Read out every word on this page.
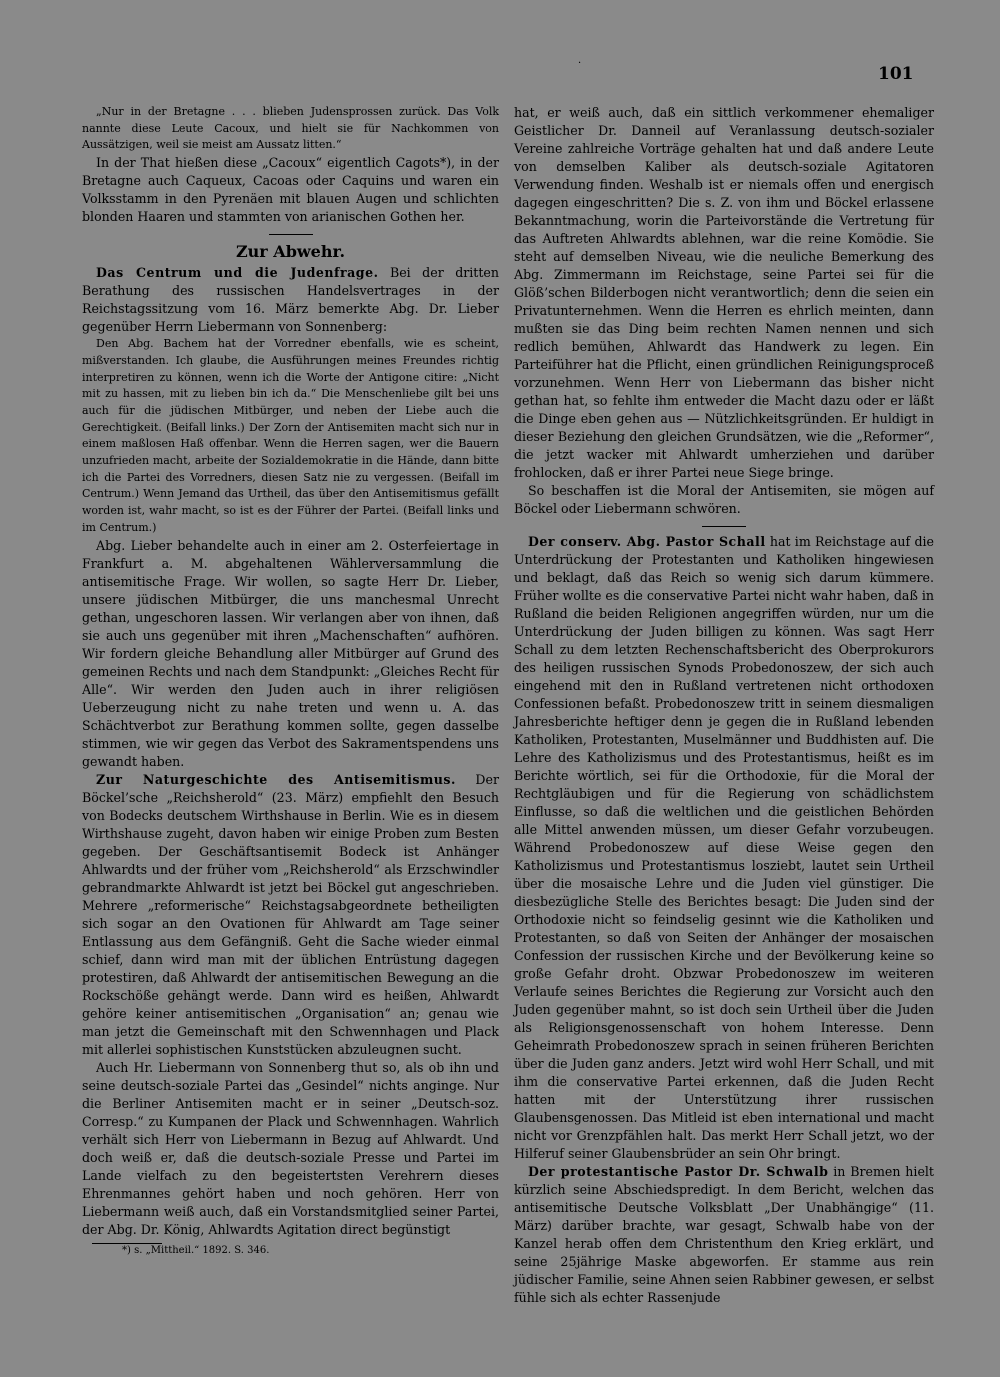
·
101

„Nur in der Bretagne . . . blieben Judensprossen zurück. Das Volk nannte diese Leute Cacoux, und hielt sie für Nachkommen von Aussätzigen, weil sie meist am Aussatz litten.“

In der That hießen diese „Cacoux“ eigentlich Cagots*), in der Bretagne auch Caqueux, Cacoas oder Caquins und waren ein Volksstamm in den Pyrenäen mit blauen Augen und schlichten blonden Haaren und stammten von arianischen Gothen her.

Zur Abwehr.

Das Centrum und die Judenfrage. Bei der dritten Berathung des russischen Handelsvertrages in der Reichstagssitzung vom 16. März bemerkte Abg. Dr. Lieber gegenüber Herrn Liebermann von Sonnenberg:

Den Abg. Bachem hat der Vorredner ebenfalls, wie es scheint, mißverstanden. Ich glaube, die Ausführungen meines Freundes richtig interpretiren zu können, wenn ich die Worte der Antigone citire: „Nicht mit zu hassen, mit zu lieben bin ich da.“ Die Menschenliebe gilt bei uns auch für die jüdischen Mitbürger, und neben der Liebe auch die Gerechtigkeit. (Beifall links.) Der Zorn der Antisemiten macht sich nur in einem maßlosen Haß offenbar. Wenn die Herren sagen, wer die Bauern unzufrieden macht, arbeite der Sozialdemokratie in die Hände, dann bitte ich die Partei des Vorredners, diesen Satz nie zu vergessen. (Beifall im Centrum.) Wenn Jemand das Urtheil, das über den Antisemitismus gefällt worden ist, wahr macht, so ist es der Führer der Partei. (Beifall links und im Centrum.)

Abg. Lieber behandelte auch in einer am 2. Osterfeiertage in Frankfurt a. M. abgehaltenen Wählerversammlung die antisemitische Frage. Wir wollen, so sagte Herr Dr. Lieber, unsere jüdischen Mitbürger, die uns manchesmal Unrecht gethan, ungeschoren lassen. Wir verlangen aber von ihnen, daß sie auch uns gegenüber mit ihren „Machenschaften“ aufhören. Wir fordern gleiche Behandlung aller Mitbürger auf Grund des gemeinen Rechts und nach dem Standpunkt: „Gleiches Recht für Alle“. Wir werden den Juden auch in ihrer religiösen Ueberzeugung nicht zu nahe treten und wenn u. A. das Schächtverbot zur Berathung kommen sollte, gegen dasselbe stimmen, wie wir gegen das Verbot des Sakramentspendens uns gewandt haben.

Zur Naturgeschichte des Antisemitismus. Der Böckel’sche „Reichsherold“ (23. März) empfiehlt den Besuch von Bodecks deutschem Wirthshause in Berlin. Wie es in diesem Wirthshause zugeht, davon haben wir einige Proben zum Besten gegeben. Der Geschäftsantisemit Bodeck ist Anhänger Ahlwardts und der früher vom „Reichsherold“ als Erzschwindler gebrandmarkte Ahlwardt ist jetzt bei Böckel gut angeschrieben. Mehrere „reformerische“ Reichstagsabgeordnete betheiligten sich sogar an den Ovationen für Ahlwardt am Tage seiner Entlassung aus dem Gefängniß. Geht die Sache wieder einmal schief, dann wird man mit der üblichen Entrüstung dagegen protestiren, daß Ahlwardt der antisemitischen Bewegung an die Rockschöße gehängt werde. Dann wird es heißen, Ahlwardt gehöre keiner antisemitischen „Organisation“ an; genau wie man jetzt die Gemeinschaft mit den Schwennhagen und Plack mit allerlei sophistischen Kunststücken abzuleugnen sucht.

Auch Hr. Liebermann von Sonnenberg thut so, als ob ihn und seine deutsch-soziale Partei das „Gesindel“ nichts anginge. Nur die Berliner Antisemiten macht er in seiner „Deutsch-soz. Corresp.“ zu Kumpanen der Plack und Schwennhagen. Wahrlich verhält sich Herr von Liebermann in Bezug auf Ahlwardt. Und doch weiß er, daß die deutsch-soziale Presse und Partei im Lande vielfach zu den begeistertsten Verehrern dieses Ehrenmannes gehört haben und noch gehören. Herr von Liebermann weiß auch, daß ein Vorstandsmitglied seiner Partei, der Abg. Dr. König, Ahlwardts Agitation direct begünstigt

*) s. „Mittheil.“ 1892. S. 346.

hat, er weiß auch, daß ein sittlich verkommener ehemaliger Geistlicher Dr. Danneil auf Veranlassung deutsch-sozialer Vereine zahlreiche Vorträge gehalten hat und daß andere Leute von demselben Kaliber als deutsch-soziale Agitatoren Verwendung finden. Weshalb ist er niemals offen und energisch dagegen eingeschritten? Die s. Z. von ihm und Böckel erlassene Bekanntmachung, worin die Parteivorstände die Vertretung für das Auftreten Ahlwardts ablehnen, war die reine Komödie. Sie steht auf demselben Niveau, wie die neuliche Bemerkung des Abg. Zimmermann im Reichstage, seine Partei sei für die Glöß’schen Bilderbogen nicht verantwortlich; denn die seien ein Privatunternehmen. Wenn die Herren es ehrlich meinten, dann mußten sie das Ding beim rechten Namen nennen und sich redlich bemühen, Ahlwardt das Handwerk zu legen. Ein Parteiführer hat die Pflicht, einen gründlichen Reinigungsproceß vorzunehmen. Wenn Herr von Liebermann das bisher nicht gethan hat, so fehlte ihm entweder die Macht dazu oder er läßt die Dinge eben gehen aus — Nützlichkeitsgründen. Er huldigt in dieser Beziehung den gleichen Grundsätzen, wie die „Reformer“, die jetzt wacker mit Ahlwardt umherziehen und darüber frohlocken, daß er ihrer Partei neue Siege bringe.

So beschaffen ist die Moral der Antisemiten, sie mögen auf Böckel oder Liebermann schwören.

Der conserv. Abg. Pastor Schall hat im Reichstage auf die Unterdrückung der Protestanten und Katholiken hingewiesen und beklagt, daß das Reich so wenig sich darum kümmere. Früher wollte es die conservative Partei nicht wahr haben, daß in Rußland die beiden Religionen angegriffen würden, nur um die Unterdrückung der Juden billigen zu können. Was sagt Herr Schall zu dem letzten Rechenschaftsbericht des Oberprokurors des heiligen russischen Synods Probedonoszew, der sich auch eingehend mit den in Rußland vertretenen nicht orthodoxen Confessionen befaßt. Probedonoszew tritt in seinem diesmaligen Jahresberichte heftiger denn je gegen die in Rußland lebenden Katholiken, Protestanten, Muselmänner und Buddhisten auf. Die Lehre des Katholizismus und des Protestantismus, heißt es im Berichte wörtlich, sei für die Orthodoxie, für die Moral der Rechtgläubigen und für die Regierung von schädlichstem Einflusse, so daß die weltlichen und die geistlichen Behörden alle Mittel anwenden müssen, um dieser Gefahr vorzubeugen. Während Probedonoszew auf diese Weise gegen den Katholizismus und Protestantismus losziebt, lautet sein Urtheil über die mosaische Lehre und die Juden viel günstiger. Die diesbezügliche Stelle des Berichtes besagt: Die Juden sind der Orthodoxie nicht so feindselig gesinnt wie die Katholiken und Protestanten, so daß von Seiten der Anhänger der mosaischen Confession der russischen Kirche und der Bevölkerung keine so große Gefahr droht. Obzwar Probedonoszew im weiteren Verlaufe seines Berichtes die Regierung zur Vorsicht auch den Juden gegenüber mahnt, so ist doch sein Urtheil über die Juden als Religionsgenossenschaft von hohem Interesse. Denn Geheimrath Probedonoszew sprach in seinen früheren Berichten über die Juden ganz anders. Jetzt wird wohl Herr Schall, und mit ihm die conservative Partei erkennen, daß die Juden Recht hatten mit der Unterstützung ihrer russischen Glaubensgenossen. Das Mitleid ist eben international und macht nicht vor Grenzpfählen halt. Das merkt Herr Schall jetzt, wo der Hilferuf seiner Glaubensbrüder an sein Ohr bringt.

Der protestantische Pastor Dr. Schwalb in Bremen hielt kürzlich seine Abschiedspredigt. In dem Bericht, welchen das antisemitische Deutsche Volksblatt „Der Unabhängige“ (11. März) darüber brachte, war gesagt, Schwalb habe von der Kanzel herab offen dem Christenthum den Krieg erklärt, und seine 25jährige Maske abgeworfen. Er stamme aus rein jüdischer Familie, seine Ahnen seien Rabbiner gewesen, er selbst fühle sich als echter Rassenjude
